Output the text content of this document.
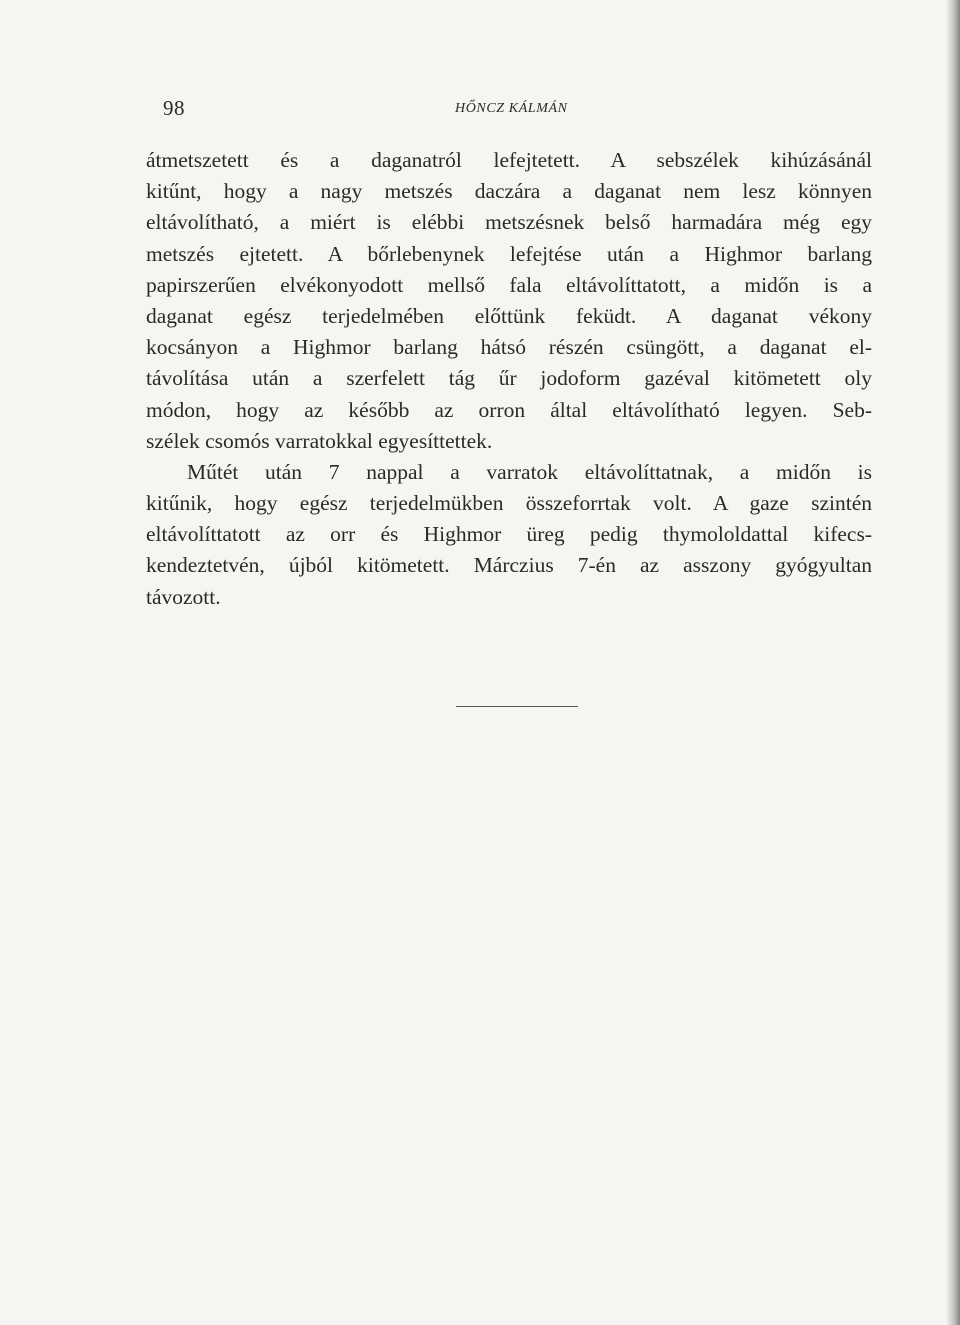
98	HŐNCZ KÁLMÁN
átmetszetett és a daganatról lefejtetett. A sebszélek kihúzásánál
kitűnt, hogy a nagy metszés daczára a daganat nem lesz könnyen
eltávolítható, a miért is elébbi metszésnek belső harmadára még egy
metszés ejtetett. A bőrlebenynek lefejtése után a Highmor barlang
papirszerűen elvékonyodott mellső fala eltávolíttatott, a midőn is a
daganat egész terjedelmében előttünk feküdt. A daganat vékony
kocsányon a Highmor barlang hátsó részén csüngött, a daganat el-
távolítása után a szerfelett tág űr jodoform gazéval kitömetett oly
módon, hogy az később az orron által eltávolítható legyen. Seb-
szélek csomós varratokkal egyesíttettek.
Műtét után 7 nappal a varratok eltávolíttatnak, a midőn is
kitűnik, hogy egész terjedelmükben összeforrtak volt. A gaze szintén
eltávolíttatott az orr és Highmor üreg pedig thymololdattal kifecs-
kendeztetvén, újból kitömetett. Márczius 7-én az asszony gyógyultan
távozott.
